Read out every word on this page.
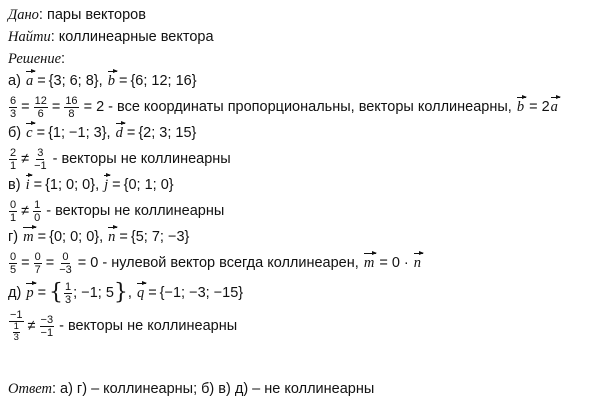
Дано : пары векторов
Найти : коллинеарные вектора
Решение :
а)
a = {3; 6; 8} , b = {6; 12; 16}
$\frac{6}{3} = \frac{12}{6} = \frac{16}{8}$
= 2 - все координаты пропорциональны, векторы коллинеарны,
b
= 2 a
б)
c = {1; −1; 3} , d = {2; 3; 15}
$\frac{2}{1} \ne \frac{3}{-1}$
- векторы не коллинеарны
в)
i = {1; 0; 0} , j = {0; 1; 0}
$\frac{0}{1} \ne \frac{1}{0}$
- векторы не коллинеарны
г)
m = {0; 0; 0} , n = {5; 7; −3}
$\frac{0}{5} = \frac{0}{7} = \frac{0}{-3}$
= 0 - нулевой вектор всегда коллинеарен,
m
= 0 ·
n
д)
p = { $\frac{1}{3}$ ; −1; 5 } , q = {−1; −3; −15}
$\frac{-1}{\frac{1}{3}} \ne \frac{-3}{-1}$
- векторы не коллинеарны
Ответ : а) г) – коллинеарны; б) в) д) – не коллинеарны
